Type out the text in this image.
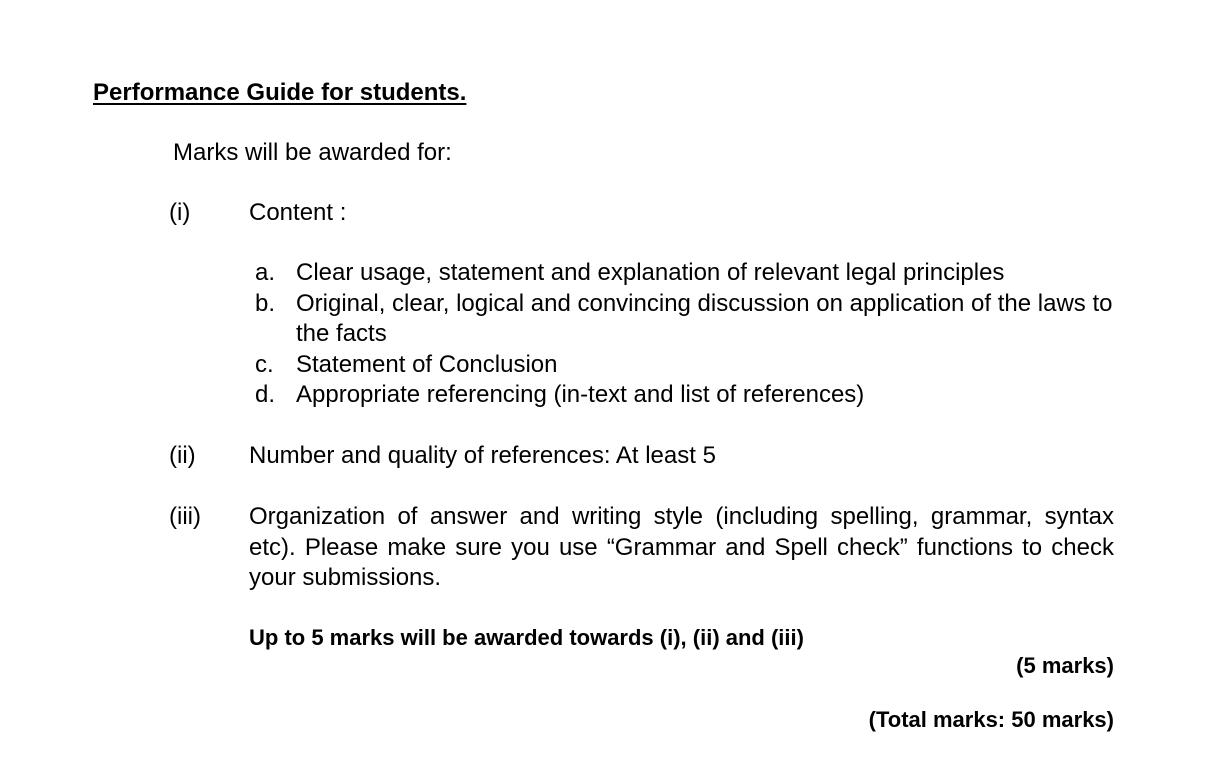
Performance Guide for students.
Marks will be awarded for:
(i) Content :
a. Clear usage, statement and explanation of relevant legal principles
b. Original, clear, logical and convincing discussion on application of the laws to the facts
c. Statement of Conclusion
d. Appropriate referencing (in-text and list of references)
(ii) Number and quality of references: At least 5
(iii) Organization of answer and writing style (including spelling, grammar, syntax etc). Please make sure you use “Grammar and Spell check” functions to check your submissions.
Up to 5 marks will be awarded towards (i), (ii) and (iii)
(5 marks)
(Total marks: 50 marks)
